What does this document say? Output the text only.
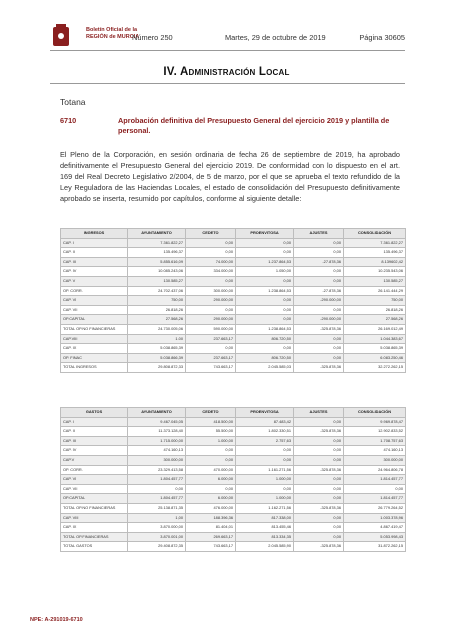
Boletín Oficial de la
REGIÓN de MURCIA
Número 250	Martes, 29 de octubre de 2019	Página 30605
IV. Administración Local
Totana
6710	Aprobación definitiva del Presupuesto General del ejercicio 2019 y plantilla de personal.
El Pleno de la Corporación, en sesión ordinaria de fecha 26 de septiembre de 2019, ha aprobado definitivamente el Presupuesto General del ejercicio 2019. De conformidad con lo dispuesto en el art. 169 del Real Decreto Legislativo 2/2004, de 5 de marzo, por el que se aprueba el texto refundido de la Ley Reguladora de las Haciendas Locales, el estado de consolidación del Presupuesto definitivamente aprobado se inserta, resumido por capítulos, conforme al siguiente detalle:
INGRESOS	AYUNTAMIENTO	CEDETO	PROENVITOSA	AJUSTES	CONSOLIDACIÓN
CAP. I	7.361.822,27	0,00	0,00	0,00	7.361.822,27
CAP. II	135.496,37	0,00	0,00	0,00	135.496,37
CAP. III	5.855.616,09	74.000,00	1.237.864,53	-27.878,36	8.139602,42
CAP. IV	10.085.243,06	334.000,00	1.050,00	0,00	10.235.543,06
CAP. V	130.585,27	0,00	0,00	0,00	130.585,27
OP. CORR.	24.702.437,06	300.000,00	1.238.864,53	-27.878,36	26.141.444,29
CAP. VI	750,00	290.000,00	0,00	-290.000,00	750,00
CAP. VII	26.818,26	0,00	0,00	0,00	26.818,26
OP.CAPITAL	27.568,26	290.000,00	0,00	-290.000,00	27.568,26
TOTAL OP.NO FINANCIERAS	24.730.005,06	590.000,00	1.238.864,53	-325.878,36	26.169.012,49
CAP.VIII	1.00	237.663,17	806.720,50	0,00	1.044.383,67
CAP. IX	5.038.865,39	0,00	0,00	0,00	5.038.865,39
OP. FINAC	5.038.866,39	237.663,17	806.720,50	0,00	6.083.250,46
TOTAL INGRESOS	29.808.872,33	743.663,17	2.045.585,03	-325.878,36	32.272.262,15
GASTOS	AYUNTAMIENTO	CEDETO	PROENVITOSA	AJUSTES	CONSOLIDACIÓN
CAP. I	9.467.045,05	418.500,00	87.483,42	0,00	9.969.878,47
CAP. II	11.373.128,40	55.500,00	1.802.330,51	-325.878,36	12.902.833,52
CAP. III	1.715.000,00	1.000,00	2.757,63	0,00	1.708.757,63
CAP. IV	474.160,13	0,00	0,00	0,00	474.160,13
CAP.V	300.000,00	0,00	0,00	0,00	300.000,00
OP. CORR.	23.329.413,58	470.000,00	1.161.271,56	-325.878,36	24.964.806,78
CAP. VI	1.804.457,77	6.000,00	1.000,00	0,00	1.814.457,77
CAP. VII	0,00	0,00	0,00	0,00	0,00
OP.CAPITAL	1.804.457,77	6.000,00	1.000,00	0,00	1.814.457,77
TOTAL OP.NO FINANCIERAS	25.138.871,35	476.000,00	1.162.271,56	-325.878,36	26.779.264,52
CAP. VIII	1,00	188.396,36	817.338,00	0,00	1.003.378,96
CAP. IX	3.870.000,00	81.404,01	813.455,46	0,00	4.867.419,47
TOTAL OP.FINANCIERAS	3.870.001,00	269.663,17	813.334,35	0,00	5.053.998,43
TOTAL GASTOS	29.408.872,35	743.663,17	2.045.585,90	-325.878,36	31.872.262,15
NPE: A-291019-6710
